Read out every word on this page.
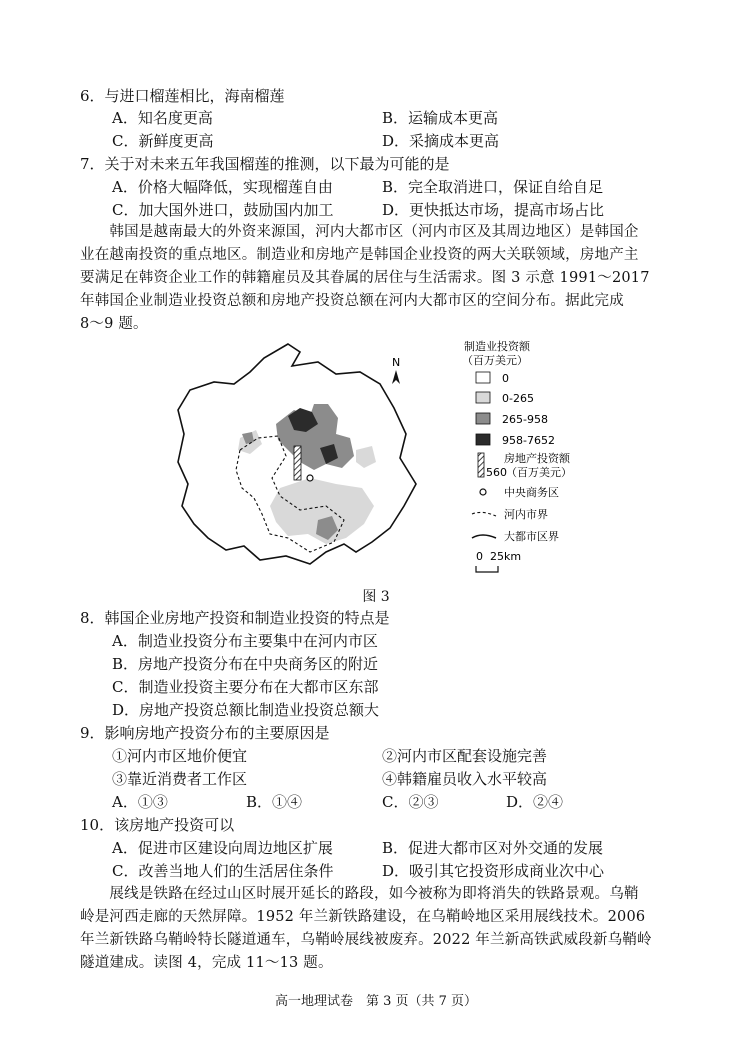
6．与进口榴莲相比，海南榴莲
A．知名度更高	B．运输成本更高
C．新鲜度更高	D．采摘成本更高
7．关于对未来五年我国榴莲的推测，以下最为可能的是
A．价格大幅降低，实现榴莲自由	B．完全取消进口，保证自给自足
C．加大国外进口，鼓励国内加工	D．更快抵达市场，提高市场占比
　　韩国是越南最大的外资来源国，河内大都市区（河内市区及其周边地区）是韩国企
业在越南投资的重点地区。制造业和房地产是韩国企业投资的两大关联领域，房地产主
要满足在韩资企业工作的韩籍雇员及其眷属的居住与生活需求。图 3 示意 1991～2017
年韩国企业制造业投资总额和房地产投资总额在河内大都市区的空间分布。据此完成
8～9 题。
N
制造业投资额
（百万美元）
0
0-265
265-958
958-7652
房地产投资额
560 （百万美元）
中央商务区
河内市界
大都市区界
0 25km
图 3
8．韩国企业房地产投资和制造业投资的特点是
A．制造业投资分布主要集中在河内市区
B．房地产投资分布在中央商务区的附近
C．制造业投资主要分布在大都市区东部
D．房地产投资总额比制造业投资总额大
9．影响房地产投资分布的主要原因是
①河内市区地价便宜	②河内市区配套设施完善
③靠近消费者工作区	④韩籍雇员收入水平较高
A．①③	B．①④	C．②③	D．②④
10．该房地产投资可以
A．促进市区建设向周边地区扩展	B．促进大都市区对外交通的发展
C．改善当地人们的生活居住条件	D．吸引其它投资形成商业次中心
　　展线是铁路在经过山区时展开延长的路段，如今被称为即将消失的铁路景观。乌鞘
岭是河西走廊的天然屏障。1952 年兰新铁路建设，在乌鞘岭地区采用展线技术。2006
年兰新铁路乌鞘岭特长隧道通车，乌鞘岭展线被废弃。2022 年兰新高铁武威段新乌鞘岭
隧道建成。读图 4，完成 11～13 题。
高一地理试卷　第 3 页（共 7 页）
